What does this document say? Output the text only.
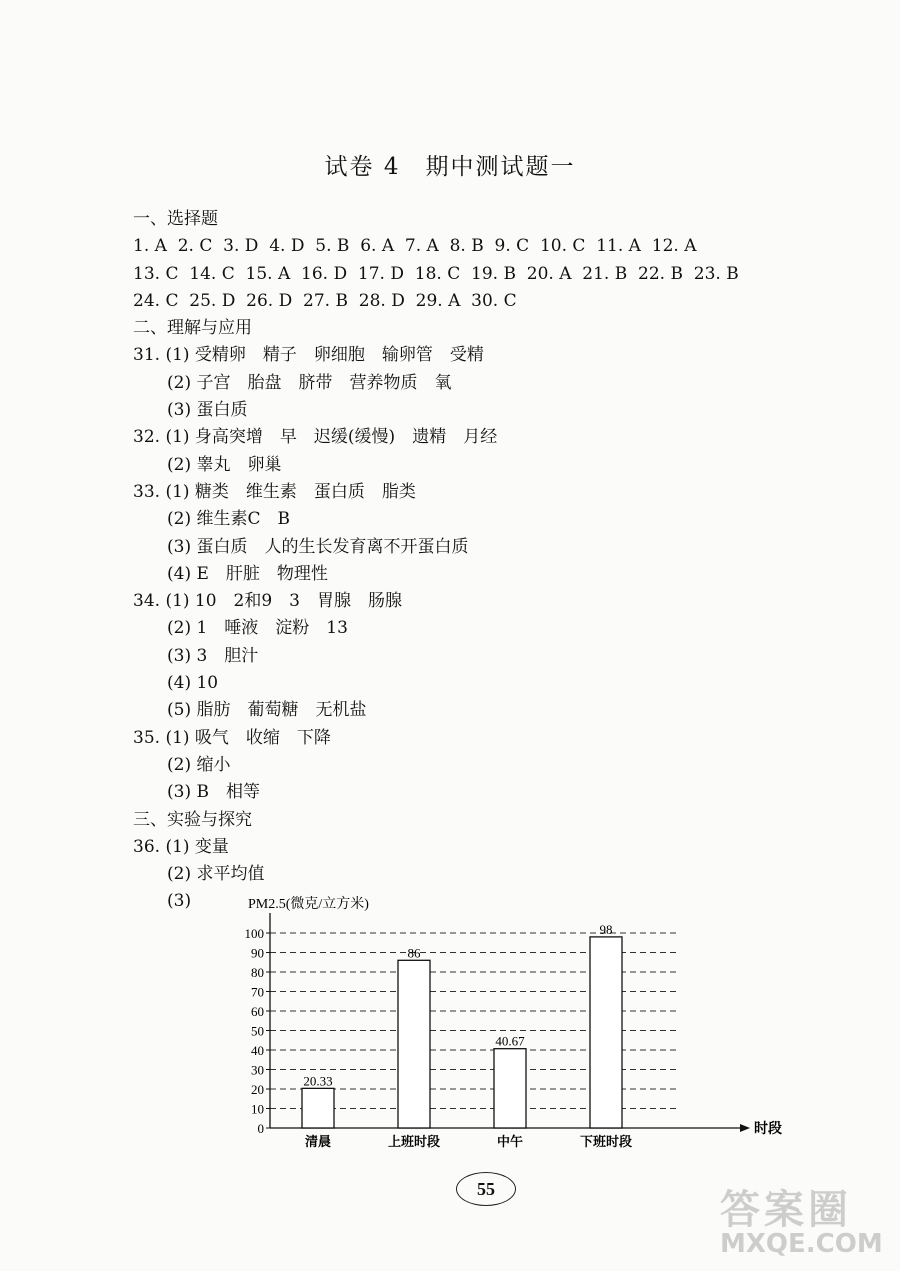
试卷 4　期中测试题一
一、选择题
1. A  2. C  3. D  4. D  5. B  6. A  7. A  8. B  9. C  10. C  11. A  12. A
13. C  14. C  15. A  16. D  17. D  18. C  19. B  20. A  21. B  22. B  23. B
24. C  25. D  26. D  27. B  28. D  29. A  30. C
二、理解与应用
31. (1) 受精卵　精子　卵细胞　输卵管　受精
(2) 子宫　胎盘　脐带　营养物质　氧
(3) 蛋白质
32. (1) 身高突增　早　迟缓(缓慢)　遗精　月经
(2) 睾丸　卵巢
33. (1) 糖类　维生素　蛋白质　脂类
(2) 维生素C　B
(3) 蛋白质　人的生长发育离不开蛋白质
(4) E　肝脏　物理性
34. (1) 10　2和9　3　胃腺　肠腺
(2) 1　唾液　淀粉　13
(3) 3　胆汁
(4) 10
(5) 脂肪　葡萄糖　无机盐
35. (1) 吸气　收缩　下降
(2) 缩小
(3) B　相等
三、实验与探究
36. (1) 变量
(2) 求平均值
(3)	PM2.5(微克/立方米)
0
10
20
30
40
50
60
70
80
90
100
时段
20.33
清晨
86
上班时段
40.67
中午
98
下班时段
55	答案圈
MXQE.COM
